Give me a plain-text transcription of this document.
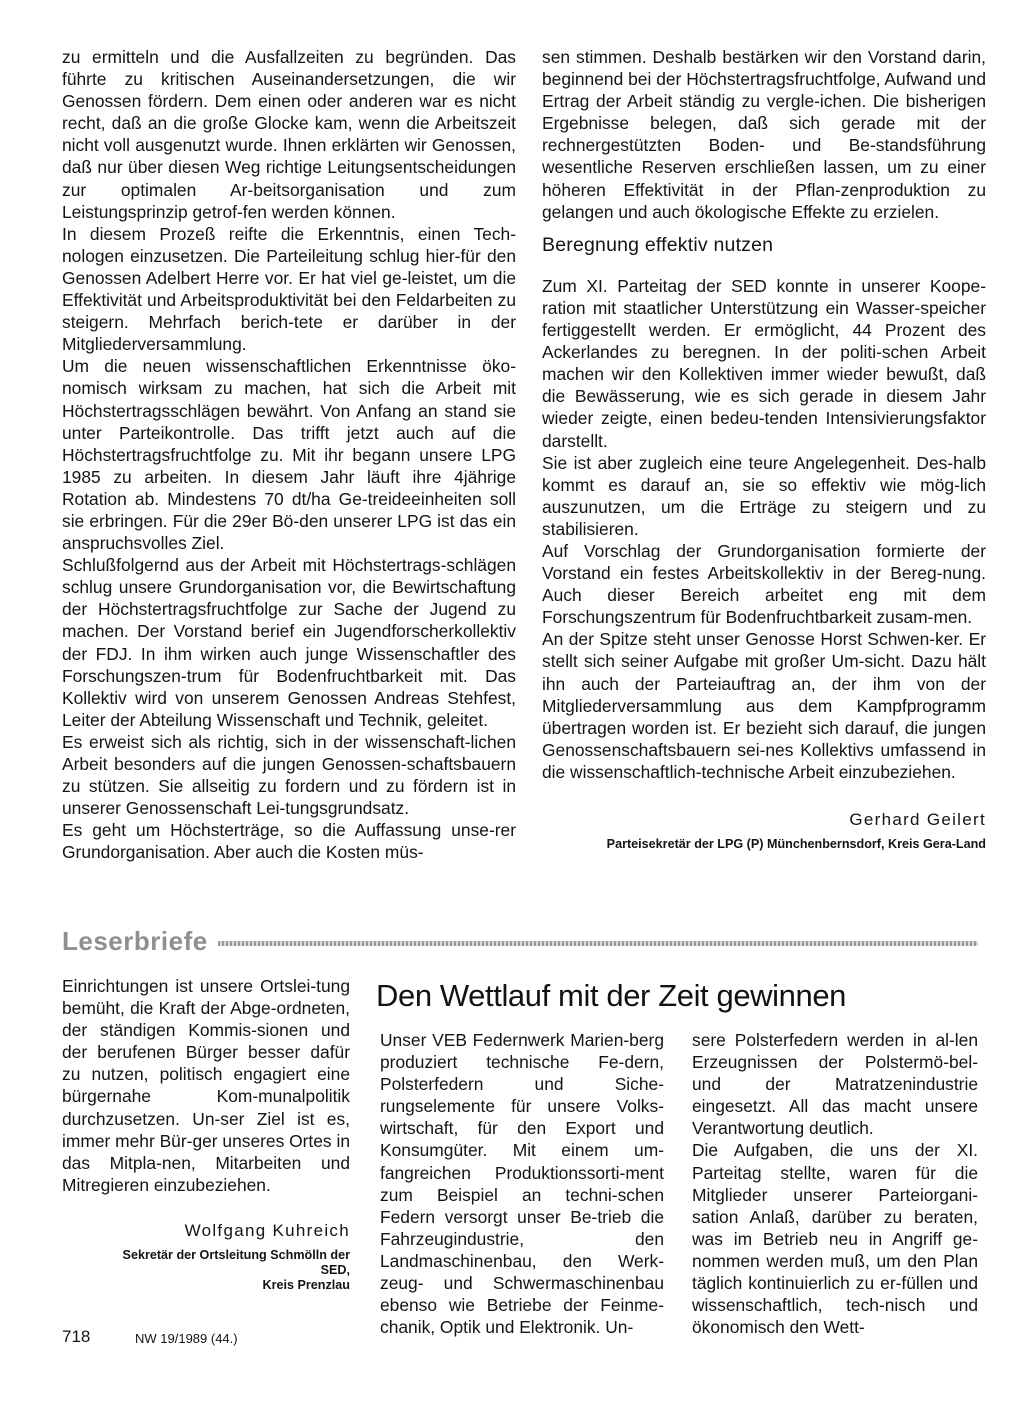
zu ermitteln und die Ausfallzeiten zu begründen. Das führte zu kritischen Auseinandersetzungen, die wir Genossen fördern. Dem einen oder anderen war es nicht recht, daß an die große Glocke kam, wenn die Arbeitszeit nicht voll ausgenutzt wurde. Ihnen erklärten wir Genossen, daß nur über diesen Weg richtige Leitungsentscheidungen zur optimalen Ar-beitsorganisation und zum Leistungsprinzip getrof-fen werden können.

In diesem Prozeß reifte die Erkenntnis, einen Tech-nologen einzusetzen. Die Parteileitung schlug hier-für den Genossen Adelbert Herre vor. Er hat viel ge-leistet, um die Effektivität und Arbeitsproduktivität bei den Feldarbeiten zu steigern. Mehrfach berich-tete er darüber in der Mitgliederversammlung.

Um die neuen wissenschaftlichen Erkenntnisse öko-nomisch wirksam zu machen, hat sich die Arbeit mit Höchstertragsschlägen bewährt. Von Anfang an stand sie unter Parteikontrolle. Das trifft jetzt auch auf die Höchstertragsfruchtfolge zu. Mit ihr begann unsere LPG 1985 zu arbeiten. In diesem Jahr läuft ihre 4jährige Rotation ab. Mindestens 70 dt/ha Ge-treideeinheiten soll sie erbringen. Für die 29er Bö-den unserer LPG ist das ein anspruchsvolles Ziel.

Schlußfolgernd aus der Arbeit mit Höchstertrags-schlägen schlug unsere Grundorganisation vor, die Bewirtschaftung der Höchstertragsfruchtfolge zur Sache der Jugend zu machen. Der Vorstand berief ein Jugendforscherkollektiv der FDJ. In ihm wirken auch junge Wissenschaftler des Forschungszen-trum für Bodenfruchtbarkeit mit. Das Kollektiv wird von unserem Genossen Andreas Stehfest, Leiter der Abteilung Wissenschaft und Technik, geleitet.

Es erweist sich als richtig, sich in der wissenschaft-lichen Arbeit besonders auf die jungen Genossen-schaftsbauern zu stützen. Sie allseitig zu fordern und zu fördern ist in unserer Genossenschaft Lei-tungsgrundsatz.

Es geht um Höchsterträge, so die Auffassung unse-rer Grundorganisation. Aber auch die Kosten müs-

sen stimmen. Deshalb bestärken wir den Vorstand darin, beginnend bei der Höchstertragsfruchtfolge, Aufwand und Ertrag der Arbeit ständig zu vergle-ichen. Die bisherigen Ergebnisse belegen, daß sich gerade mit der rechnergestützten Boden- und Be-standsführung wesentliche Reserven erschließen lassen, um zu einer höheren Effektivität in der Pflan-zenproduktion zu gelangen und auch ökologische Effekte zu erzielen.

Beregnung effektiv nutzen

Zum XI. Parteitag der SED konnte in unserer Koope-ration mit staatlicher Unterstützung ein Wasser-speicher fertiggestellt werden. Er ermöglicht, 44 Prozent des Ackerlandes zu beregnen. In der politi-schen Arbeit machen wir den Kollektiven immer wieder bewußt, daß die Bewässerung, wie es sich gerade in diesem Jahr wieder zeigte, einen bedeu-tenden Intensivierungsfaktor darstellt.

Sie ist aber zugleich eine teure Angelegenheit. Des-halb kommt es darauf an, sie so effektiv wie mög-lich auszunutzen, um die Erträge zu steigern und zu stabilisieren.

Auf Vorschlag der Grundorganisation formierte der Vorstand ein festes Arbeitskollektiv in der Bereg-nung. Auch dieser Bereich arbeitet eng mit dem Forschungszentrum für Bodenfruchtbarkeit zusam-men.

An der Spitze steht unser Genosse Horst Schwen-ker. Er stellt sich seiner Aufgabe mit großer Um-sicht. Dazu hält ihn auch der Parteiauftrag an, der ihm von der Mitgliederversammlung aus dem Kampfprogramm übertragen worden ist. Er bezieht sich darauf, die jungen Genossenschaftsbauern sei-nes Kollektivs umfassend in die wissenschaftlich-technische Arbeit einzubeziehen.

Gerhard Geilert
Parteisekretär der LPG (P) Münchenbernsdorf, Kreis Gera-Land
Leserbriefe

Einrichtungen ist unsere Ortslei-tung bemüht, die Kraft der Abge-ordneten, der ständigen Kommis-sionen und der berufenen Bürger besser dafür zu nutzen, politisch engagiert eine bürgernahe Kom-munalpolitik durchzusetzen. Un-ser Ziel ist es, immer mehr Bür-ger unseres Ortes in das Mitpla-nen, Mitarbeiten und Mitregieren einzubeziehen.

Wolfgang Kuhreich
Sekretär der Ortsleitung Schmölln der
SED,
Kreis Prenzlau
Den Wettlauf mit der Zeit gewinnen

Unser VEB Federnwerk Marien-berg produziert technische Fe-dern, Polsterfedern und Siche-rungselemente für unsere Volks-wirtschaft, für den Export und Konsumgüter. Mit einem um-fangreichen Produktionssorti-ment zum Beispiel an techni-schen Federn versorgt unser Be-trieb die Fahrzeugindustrie, den Landmaschinenbau, den Werk-zeug- und Schwermaschinenbau ebenso wie Betriebe der Feinme-chanik, Optik und Elektronik. Un-

sere Polsterfedern werden in al-len Erzeugnissen der Polstermö-bel- und der Matratzenindustrie eingesetzt. All das macht unsere Verantwortung deutlich.

Die Aufgaben, die uns der XI. Parteitag stellte, waren für die Mitglieder unserer Parteiorgani-sation Anlaß, darüber zu beraten, was im Betrieb neu in Angriff ge-nommen werden muß, um den Plan täglich kontinuierlich zu er-füllen und wissenschaftlich, tech-nisch und ökonomisch den Wett-

718	NW 19/1989 (44.)
